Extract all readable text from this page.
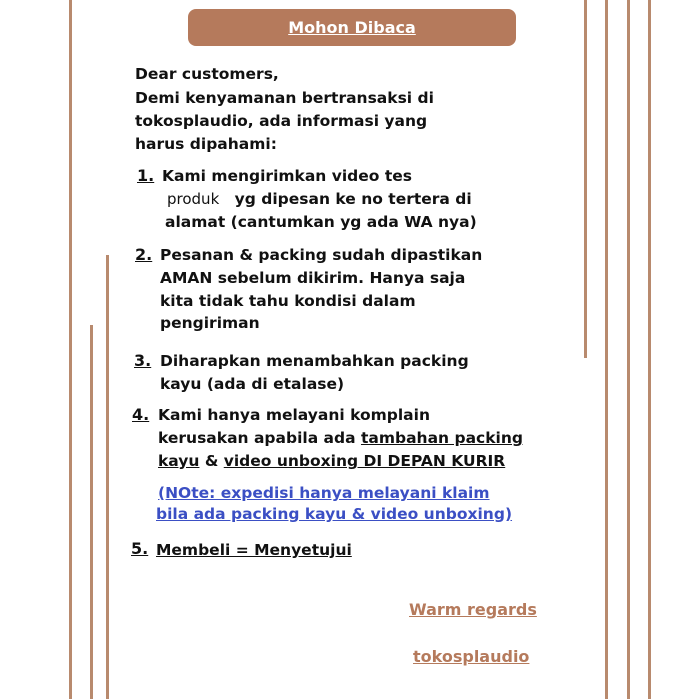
Mohon Dibaca
Dear customers,
Demi kenyamanan bertransaksi di
tokosplaudio, ada informasi yang
harus dipahami:
1. Kami mengirimkan video tes
produk yg dipesan ke no tertera di
alamat (cantumkan yg ada WA nya)
2. Pesanan & packing sudah dipastikan
AMAN sebelum dikirim. Hanya saja
kita tidak tahu kondisi dalam
pengiriman
3. Diharapkan menambahkan packing
kayu (ada di etalase)
4. Kami hanya melayani komplain
kerusakan apabila ada tambahan packing
kayu & video unboxing DI DEPAN KURIR
(NOte: expedisi hanya melayani klaim
bila ada packing kayu & video unboxing)
5. Membeli = Menyetujui
Warm regards
tokosplaudio
